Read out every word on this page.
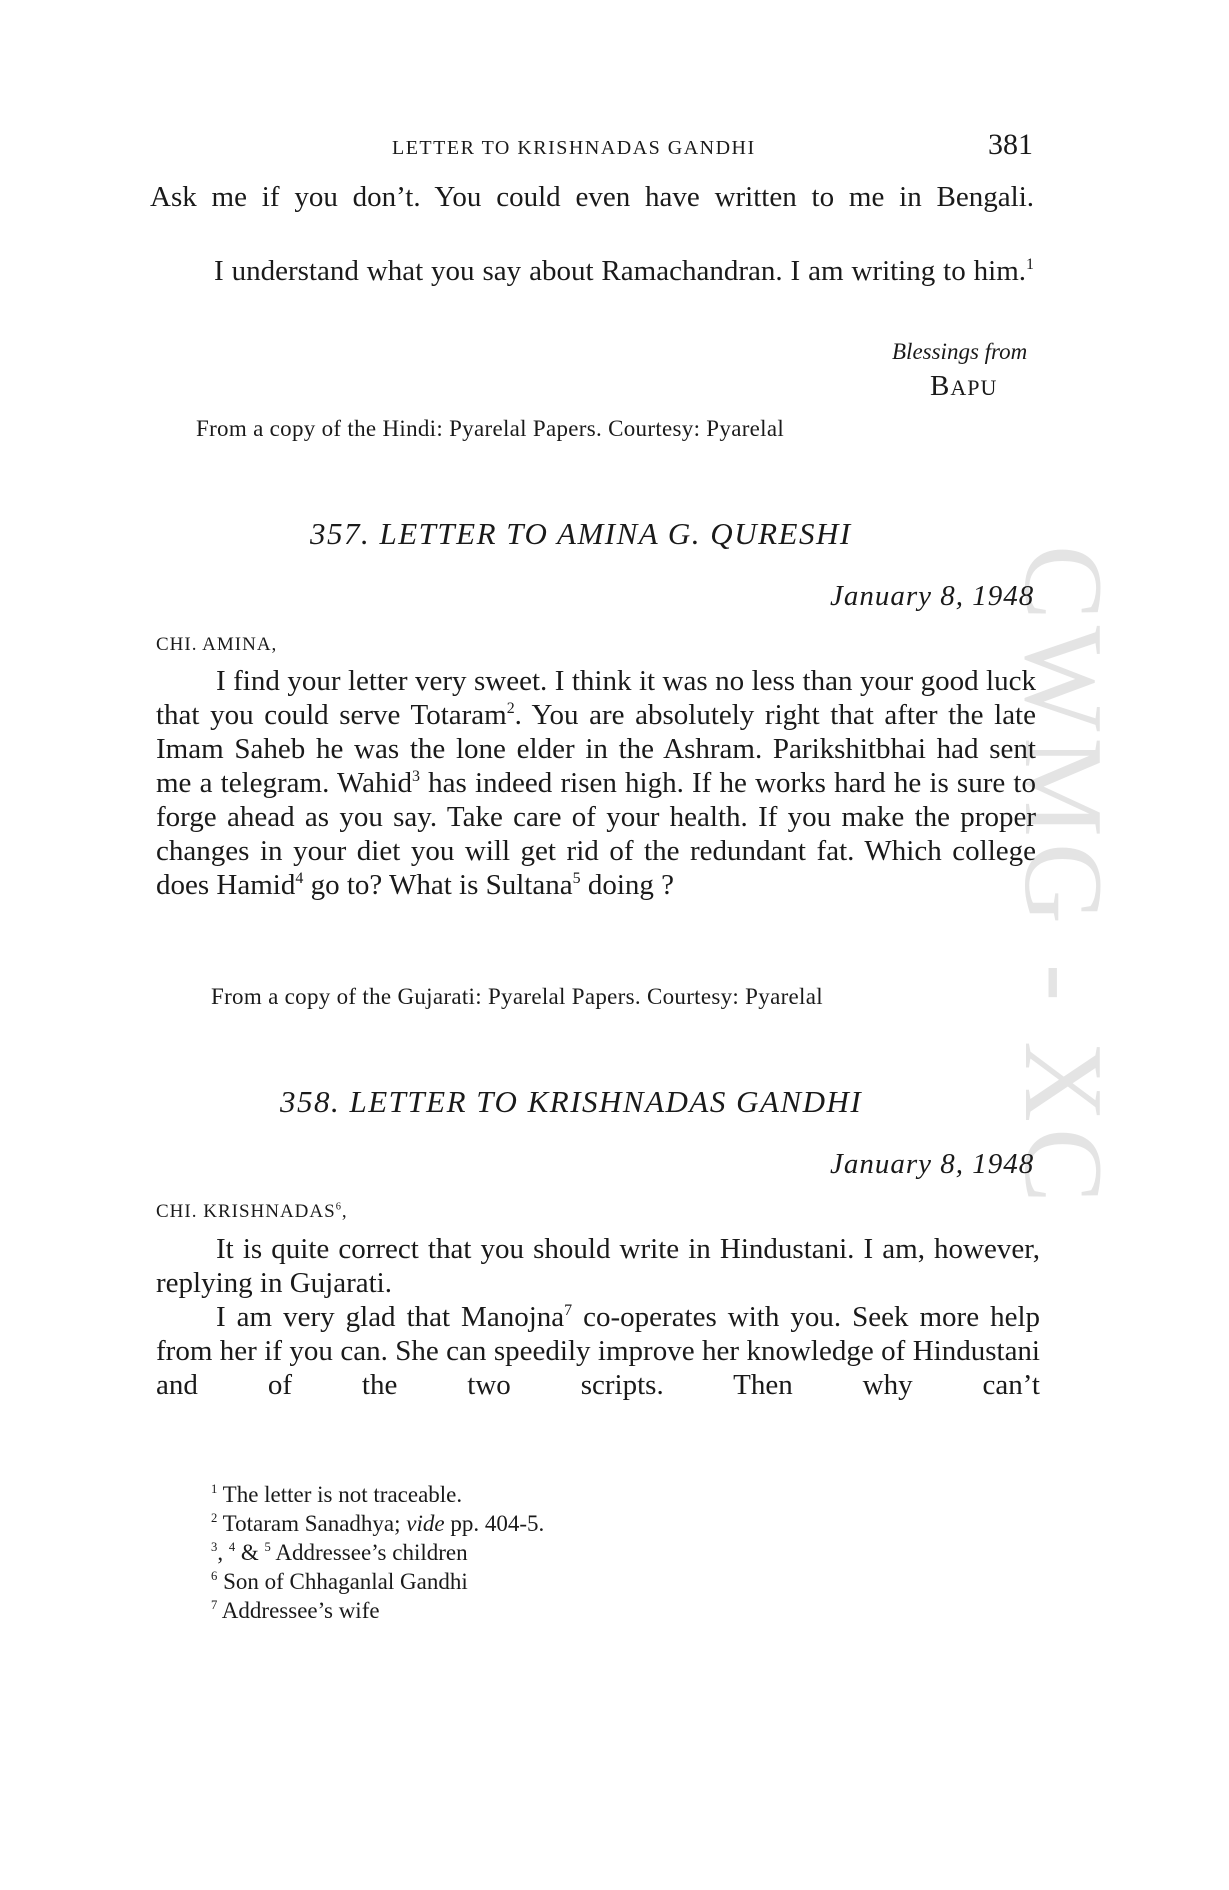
CWMG - XC
LETTER TO KRISHNADAS GANDHI	381
Ask me if you don’t. You could even have written to me in Bengali.
I understand what you say about Ramachandran. I am writing to him.$^1$
Blessings from
BAPU
From a copy of the Hindi: Pyarelal Papers. Courtesy: Pyarelal
357. LETTER TO AMINA G. QURESHI
January 8, 1948
CHI. AMINA,
I find your letter very sweet. I think it was no less than your good luck that you could serve Totaram$^2$. You are absolutely right that after the late Imam Saheb he was the lone elder in the Ashram. Parikshitbhai had sent me a telegram. Wahid$^3$ has indeed risen high. If he works hard he is sure to forge ahead as you say. Take care of your health. If you make the proper changes in your diet you will get rid of the redundant fat. Which college does Hamid$^4$ go to? What is Sultana$^5$ doing ?
From a copy of the Gujarati: Pyarelal Papers. Courtesy: Pyarelal
358. LETTER TO KRISHNADAS GANDHI
January 8, 1948
CHI. KRISHNADAS$^6$,
It is quite correct that you should write in Hindustani. I am, however, replying in Gujarati.
I am very glad that Manojna$^7$ co-operates with you. Seek more help from her if you can. She can speedily improve her knowledge of Hindustani and of the two scripts. Then why can’t
$^1$ The letter is not traceable.
$^2$ Totaram Sanadhya; vide pp. 404-5.
$^3$, $^4$ & $^5$ Addressee’s children
$^6$ Son of Chhaganlal Gandhi
$^7$ Addressee’s wife
